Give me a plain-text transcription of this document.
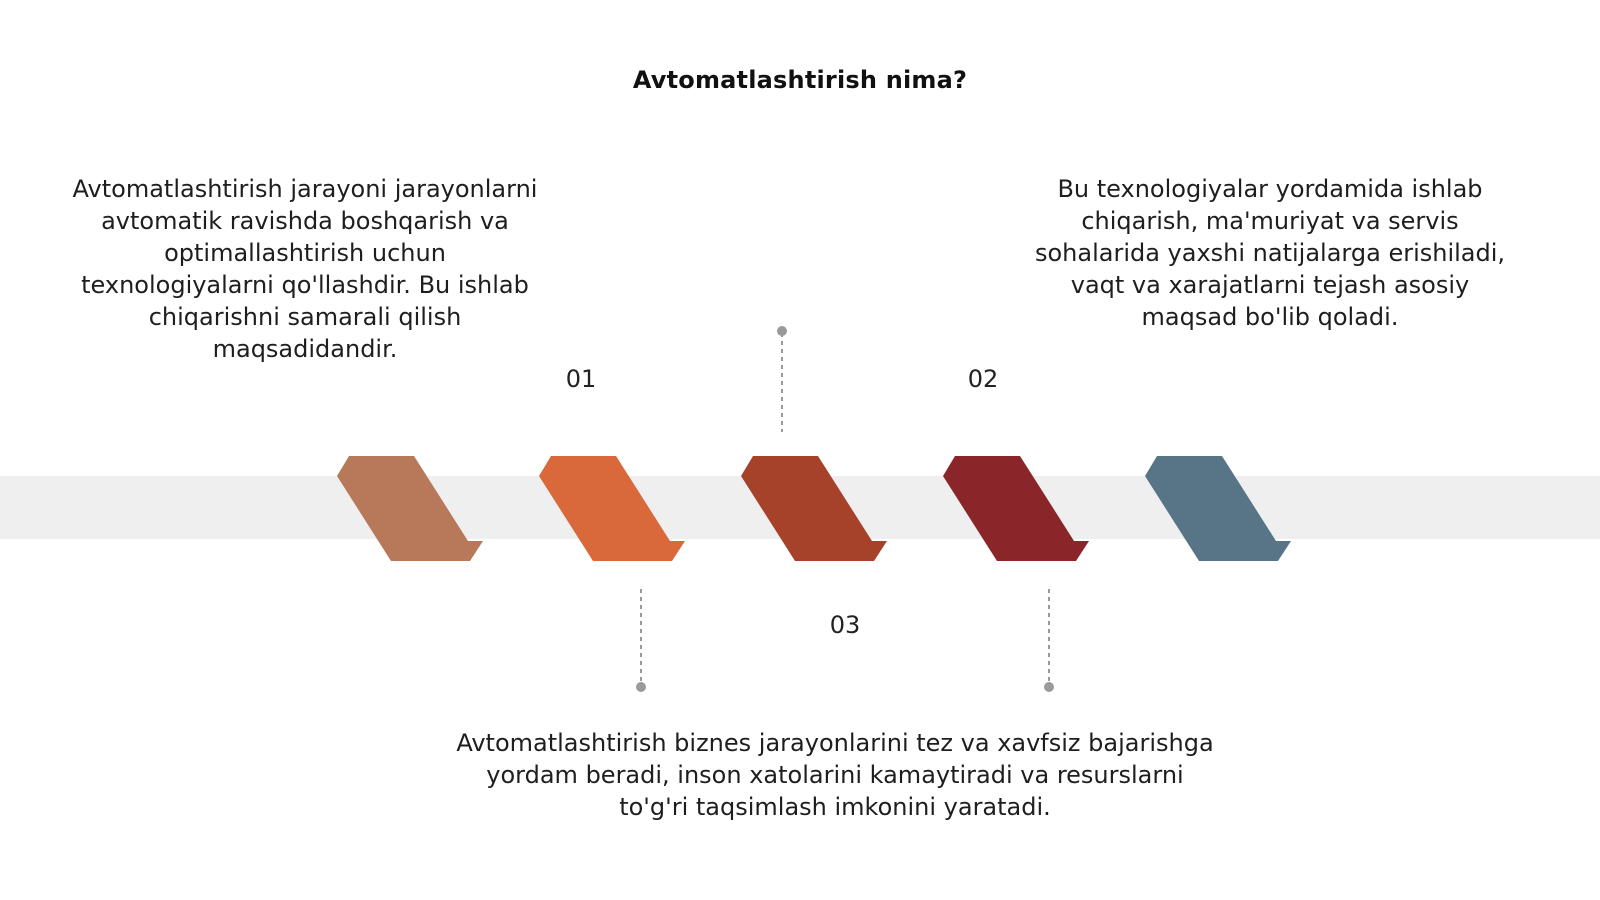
Avtomatlashtirish nima?
Avtomatlashtirish jarayoni jarayonlarni avtomatik ravishda boshqarish va optimallashtirish uchun texnologiyalarni qo'llashdir. Bu ishlab chiqarishni samarali qilish maqsadidandir.
Bu texnologiyalar yordamida ishlab chiqarish, ma'muriyat va servis sohalarida yaxshi natijalarga erishiladi, vaqt va xarajatlarni tejash asosiy maqsad bo'lib qoladi.
Avtomatlashtirish biznes jarayonlarini tez va xavfsiz bajarishga yordam beradi, inson xatolarini kamaytiradi va resurslarni to'g'ri taqsimlash imkonini yaratadi.
01	02
03
